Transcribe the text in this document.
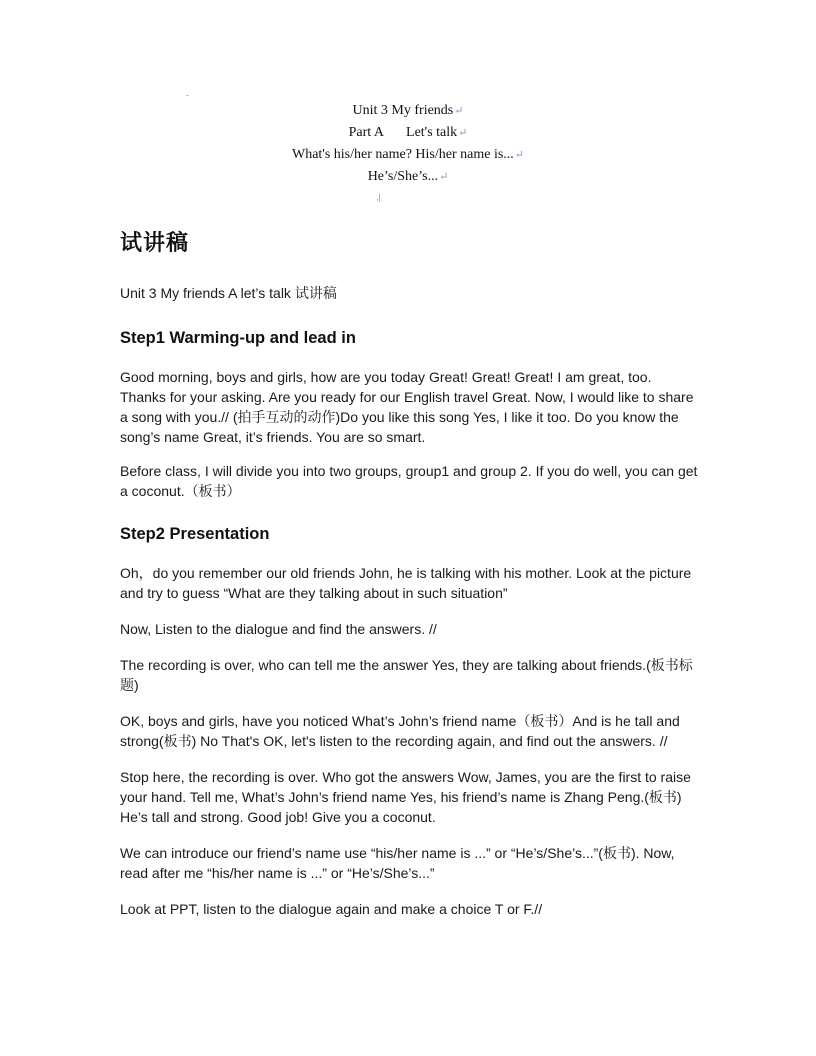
-
Unit 3 My friends↵
Part A Let's talk↵
What's his/her name? His/her name is...↵
He’s/She’s...↵
,|
试讲稿
Unit 3 My friends A let’s talk 试讲稿
Step1 Warming-up and lead in

Good morning, boys and girls, how are you today Great! Great! Great! I am great, too. Thanks for your asking. Are you ready for our English travel Great. Now, I would like to share a song with you.// (拍手互动的动作)Do you like this song Yes, I like it too. Do you know the song’s name Great, it’s friends. You are so smart.

Before class, I will divide you into two groups, group1 and group 2. If you do well, you can get a coconut.（板书）

Step2 Presentation

Oh，do you remember our old friends John, he is talking with his mother. Look at the picture and try to guess “What are they talking about in such situation”

Now, Listen to the dialogue and find the answers. //

The recording is over, who can tell me the answer Yes, they are talking about friends.(板书标题)

OK, boys and girls, have you noticed What’s John’s friend name（板书）And is he tall and strong(板书) No That's OK, let's listen to the recording again, and find out the answers. //

Stop here, the recording is over. Who got the answers Wow, James, you are the first to raise your hand. Tell me, What’s John’s friend name Yes, his friend’s name is Zhang Peng.(板书) He’s tall and strong. Good job! Give you a coconut.

We can introduce our friend’s name use “his/her name is ...” or “He’s/She’s...”(板书). Now, read after me “his/her name is ...” or “He’s/She’s...”

Look at PPT, listen to the dialogue again and make a choice T or F.//
